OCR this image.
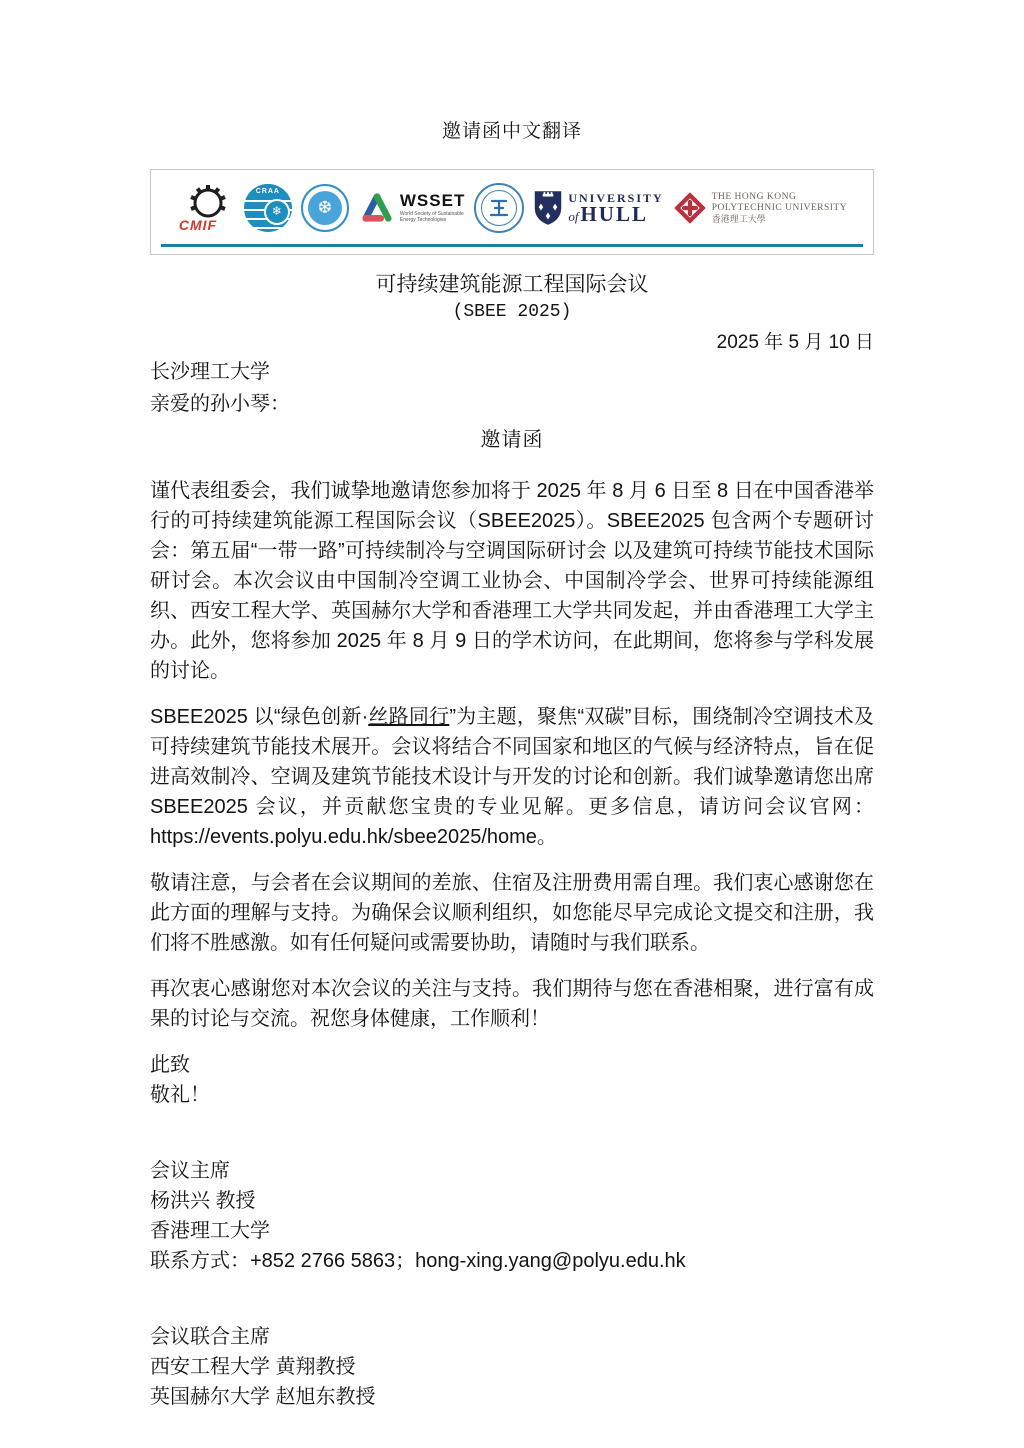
邀请函中文翻译
CMIF
CRAA
❄	❆	WSSET
World Society of Sustainable
Energy Technologies
UNIVERSITY
of HULL
THE HONG KONG
POLYTECHNIC UNIVERSITY
香港理工大學
可持续建筑能源工程国际会议
(SBEE 2025)
2025 年 5 月 10 日
长沙理工大学
亲爱的孙小琴：
邀请函

谨代表组委会，我们诚挚地邀请您参加将于 2025 年 8 月 6 日至 8 日在中国香港举行的可持续建筑能源工程国际会议（SBEE2025）。SBEE2025 包含两个专题研讨会：第五届“一带一路”可持续制冷与空调国际研讨会 以及建筑可持续节能技术国际研讨会。本次会议由中国制冷空调工业协会、中国制冷学会、世界可持续能源组织、西安工程大学、英国赫尔大学和香港理工大学共同发起，并由香港理工大学主办。此外，您将参加 2025 年 8 月 9 日的学术访问，在此期间，您将参与学科发展的讨论。

SBEE2025 以“绿色创新·丝路同行”为主题，聚焦“双碳”目标，围绕制冷空调技术及可持续建筑节能技术展开。会议将结合不同国家和地区的气候与经济特点，旨在促进高效制冷、空调及建筑节能技术设计与开发的讨论和创新。我们诚挚邀请您出席 SBEE2025 会议，并贡献您宝贵的专业见解。更多信息，请访问会议官网：https://events.polyu.edu.hk/sbee2025/home。

敬请注意，与会者在会议期间的差旅、住宿及注册费用需自理。我们衷心感谢您在此方面的理解与支持。为确保会议顺利组织，如您能尽早完成论文提交和注册，我们将不胜感激。如有任何疑问或需要协助，请随时与我们联系。

再次衷心感谢您对本次会议的关注与支持。我们期待与您在香港相聚，进行富有成果的讨论与交流。祝您身体健康，工作顺利！

此致
敬礼！
会议主席
杨洪兴 教授
香港理工大学
联系方式：+852 2766 5863；hong-xing.yang@polyu.edu.hk
会议联合主席
西安工程大学 黄翔教授
英国赫尔大学 赵旭东教授
